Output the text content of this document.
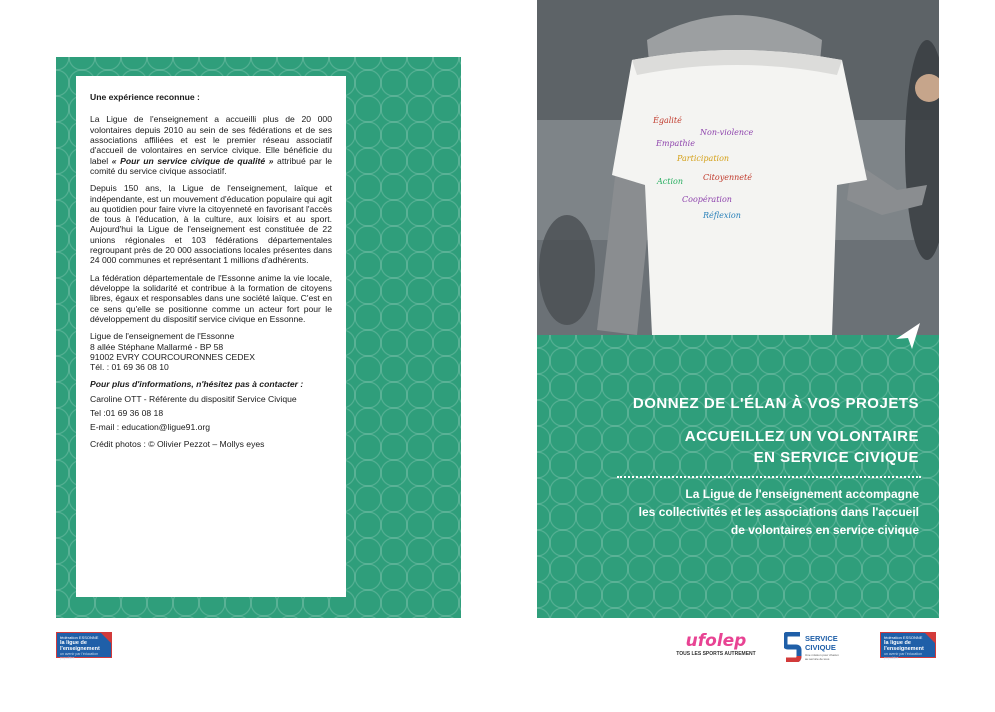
Une expérience reconnue :

La Ligue de l'enseignement a accueilli plus de 20 000 volontaires depuis 2010 au sein de ses fédérations et de ses associations affiliées et est le premier réseau associatif d'accueil de volontaires en service civique. Elle bénéficie du label « Pour un service civique de qualité » attribué par le comité du service civique associatif.

Depuis 150 ans, la Ligue de l'enseignement, laïque et indépendante, est un mouvement d'éducation populaire qui agit au quotidien pour faire vivre la citoyenneté en favorisant l'accès de tous à l'éducation, à la culture, aux loisirs et au sport. Aujourd'hui la Ligue de l'enseignement est constituée de 22 unions régionales et 103 fédérations départementales regroupant près de 20 000 associations locales présentes dans 24 000 communes et représentant 1 millions d'adhérents.

La fédération départementale de l'Essonne anime la vie locale, développe la solidarité et contribue à la formation de citoyens libres, égaux et responsables dans une société laïque. C'est en ce sens qu'elle se positionne comme un acteur fort pour le développement du dispositif service civique en Essonne.

Ligue de l'enseignement de l'Essonne

8 allée Stéphane Mallarmé - BP 58

91002 EVRY COURCOURONNES CEDEX

Tél. : 01 69 36 08 10

Pour plus d'informations, n'hésitez pas à contacter :

Caroline OTT - Référente du dispositif Service Civique

Tel :01 69 36 08 18

E-mail : education@ligue91.org

Crédit photos : © Olivier Pezzot – Mollys eyes

fédération ESSONNE
la ligue de l'enseignement
un avenir par l'éducation populaire
Égalité
Non-violence
Empathie
Participation
Action	Citoyenneté
Coopération
Réflexion
DONNEZ DE L'ÉLAN À VOS PROJETS
ACCUEILLEZ UN VOLONTAIRE
EN SERVICE CIVIQUE
La Ligue de l'enseignement accompagne
les collectivités et les associations dans l'accueil
de volontaires en service civique
ufolep
TOUS LES SPORTS AUTREMENT
SERVICE CIVIQUE
Une mission pour chacun au service de tous
fédération ESSONNE
la ligue de l'enseignement
un avenir par l'éducation populaire
